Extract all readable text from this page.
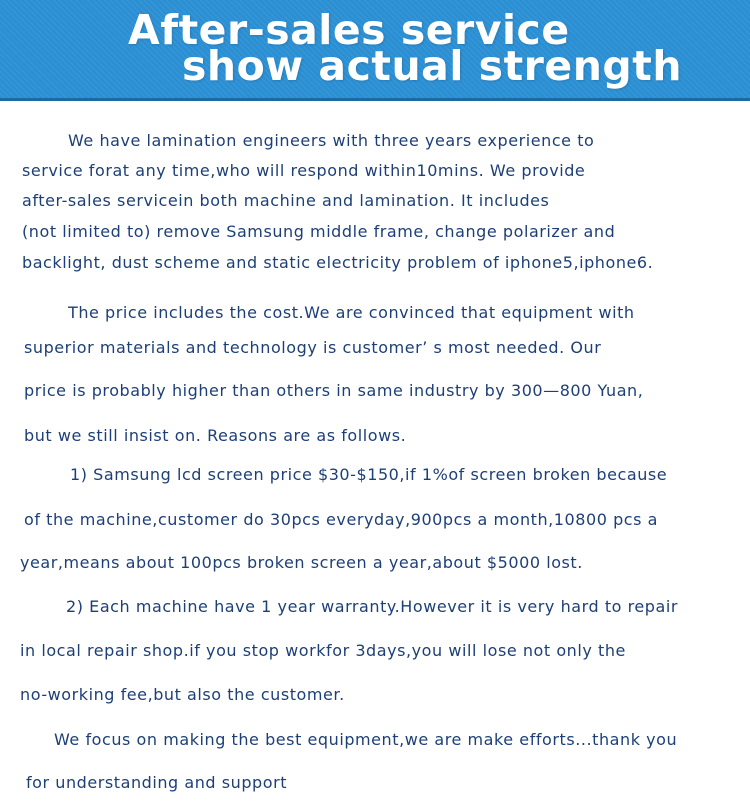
After-sales service
show actual strength
We have lamination engineers with three years experience to
service forat any time,who will respond within10mins. We provide
after-sales servicein both machine and lamination. It includes
(not limited to) remove Samsung middle frame, change polarizer and
backlight, dust scheme and static electricity problem of iphone5,iphone6.
The price includes the cost.We are convinced that equipment with
superior materials and technology is customer’ s most needed. Our
price is probably higher than others in same industry by 300—800 Yuan,
but we still insist on. Reasons are as follows.
1) Samsung lcd screen price $30-$150,if 1%of screen broken because
of the machine,customer do 30pcs everyday,900pcs a month,10800 pcs a
year,means about 100pcs broken screen a year,about $5000 lost.
2) Each machine have 1 year warranty.However it is very hard to repair
in local repair shop.if you stop workfor 3days,you will lose not only the
no-working fee,but also the customer.
We focus on making the best equipment,we are make efforts...thank you
for understanding and support
